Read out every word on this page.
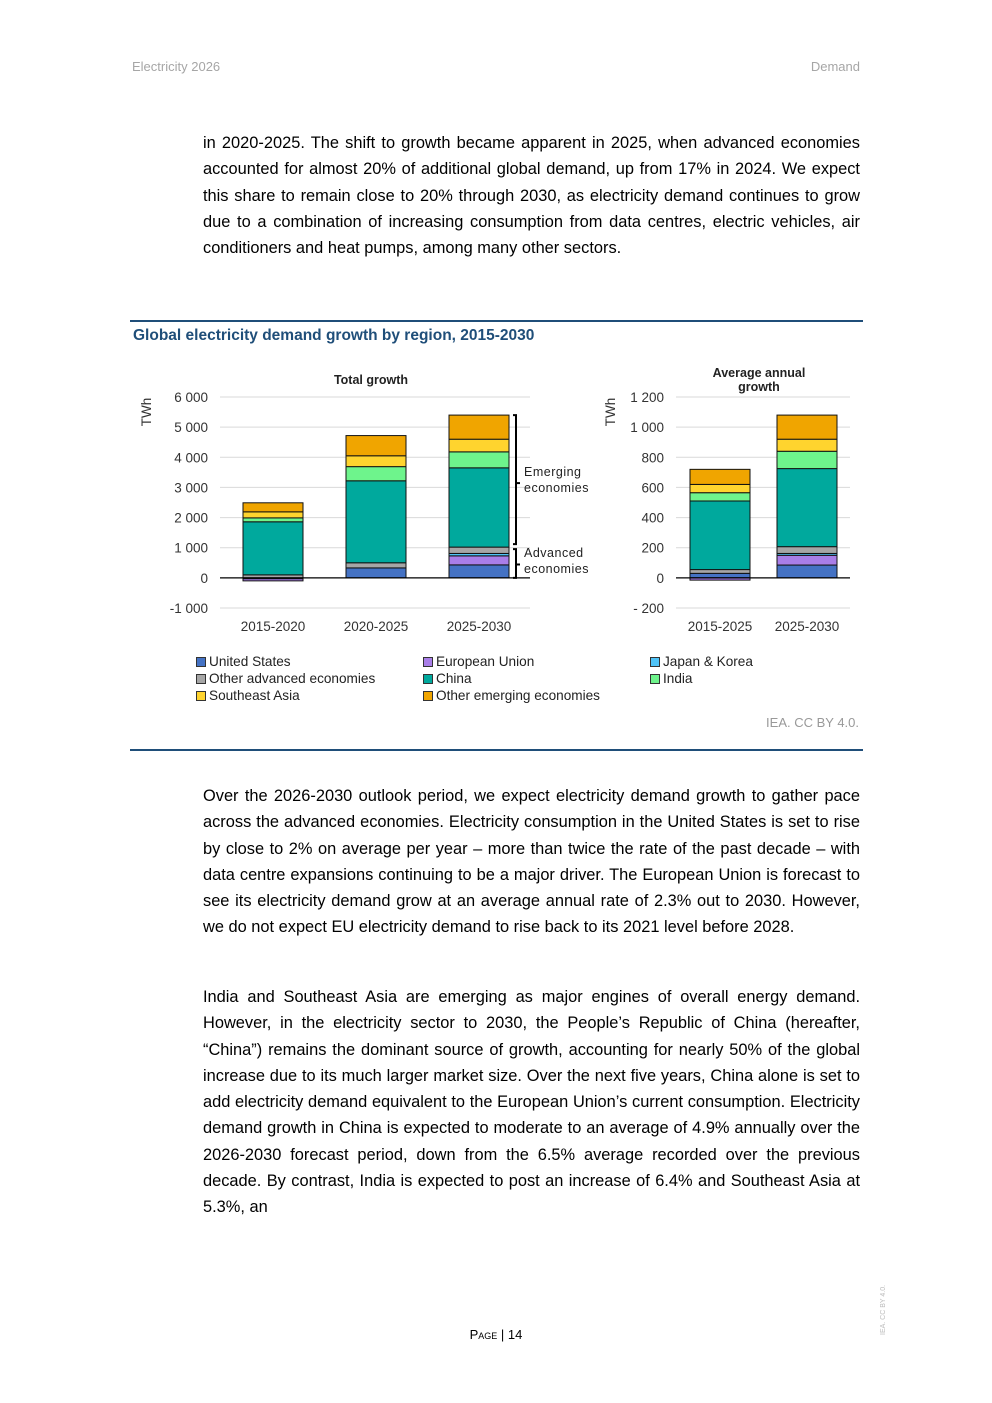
Electricity 2026	Demand

in 2020-2025. The shift to growth became apparent in 2025, when advanced economies accounted for almost 20% of additional global demand, up from 17% in 2024. We expect this share to remain close to 20% through 2030, as electricity demand continues to grow due to a combination of increasing consumption from data centres, electric vehicles, air conditioners and heat pumps, among many other sectors.

Global electricity demand growth by region, 2015-2030
-1 000
0
1 000
2 000
3 000
4 000
5 000
6 000
Total growth
TWh
2015-2020	2020-2025	2025-2030
Emerging
economies
Advanced
economies
- 200
0
200
400
600
800
1 000
1 200
Average annual
growth
TWh
2015-2025 2025-2030
United States	European Union	Japan & Korea
Other advanced economies	China	India
Southeast Asia	Other emerging economies
IEA. CC BY 4.0.

Over the 2026-2030 outlook period, we expect electricity demand growth to gather pace across the advanced economies. Electricity consumption in the United States is set to rise by close to 2% on average per year – more than twice the rate of the past decade – with data centre expansions continuing to be a major driver. The European Union is forecast to see its electricity demand grow at an average annual rate of 2.3% out to 2030. However, we do not expect EU electricity demand to rise back to its 2021 level before 2028.

India and Southeast Asia are emerging as major engines of overall energy demand. However, in the electricity sector to 2030, the People’s Republic of China (hereafter, “China”) remains the dominant source of growth, accounting for nearly 50% of the global increase due to its much larger market size. Over the next five years, China alone is set to add electricity demand equivalent to the European Union’s current consumption. Electricity demand growth in China is expected to moderate to an average of 4.9% annually over the 2026-2030 forecast period, down from the 6.5% average recorded over the previous decade. By contrast, India is expected to post an increase of 6.4% and Southeast Asia at 5.3%, an

Page | 14	IEA. CC BY 4.0.
